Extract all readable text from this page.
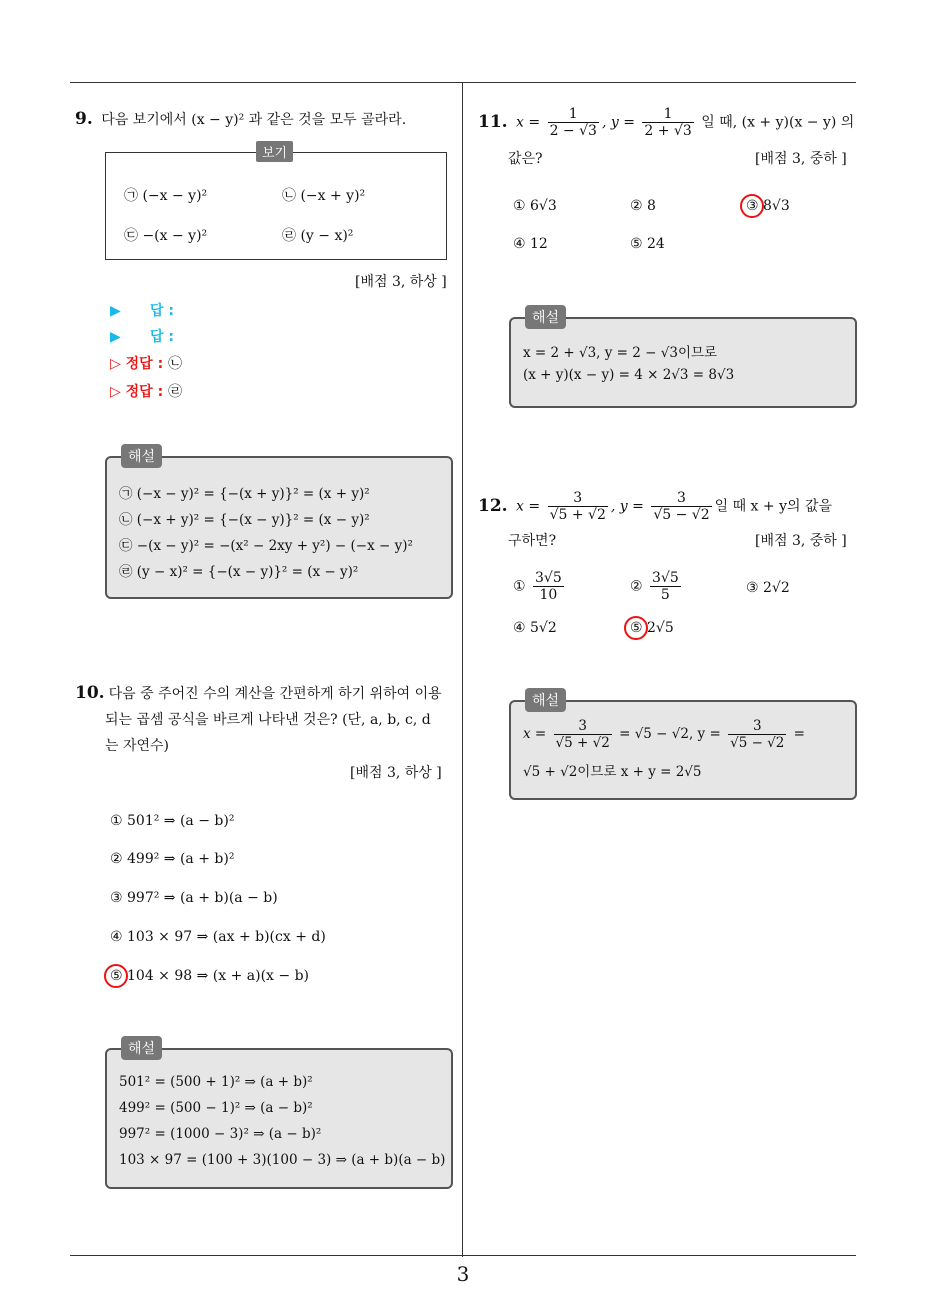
3
9. 다음 보기에서 (x − y)² 과 같은 것을 모두 골라라.
보기
㉠ (−x − y)²	㉡ (−x + y)²
㉢ −(x − y)²	㉣ (y − x)²
[배점 3, 하상 ]
▶ 답 :
▶ 답 :
▷ 정답 : ㉡
▷ 정답 : ㉣
해설
㉠ (−x − y)² = {−(x + y)}² = (x + y)²
㉡ (−x + y)² = {−(x − y)}² = (x − y)²
㉢ −(x − y)² = −(x² − 2xy + y²) − (−x − y)²
㉣ (y − x)² = {−(x − y)}² = (x − y)²
10. 다음 중 주어진 수의 계산을 간편하게 하기 위하여 이용
되는 곱셈 공식을 바르게 나타낸 것은? (단, a, b, c, d
는 자연수)
[배점 3, 하상 ]
① 501² ⇒ (a − b)²
② 499² ⇒ (a + b)²
③ 997² ⇒ (a + b)(a − b)
④ 103 × 97 ⇒ (ax + b)(cx + d)
⑤ 104 × 98 ⇒ (x + a)(x − b)
해설
501² = (500 + 1)² ⇒ (a + b)²
499² = (500 − 1)² ⇒ (a − b)²
997² = (1000 − 3)² ⇒ (a − b)²
103 × 97 = (100 + 3)(100 − 3) ⇒ (a + b)(a − b)
11. $x = \frac{1}{2 - √3}$ , $y = \frac{1}{2 + √3}$ 일 때, (x + y)(x − y) 의
값은?	[배점 3, 중하 ]
① 6√3	② 8	③ 8√3
④ 12	⑤ 24
해설
x = 2 + √3, y = 2 − √3이므로
(x + y)(x − y) = 4 × 2√3 = 8√3
12. $x = \frac{3}{√5 + √2}$ , $y = \frac{3}{√5 - √2}$ 일 때 x + y의 값을
구하면?	[배점 3, 중하 ]
① $\frac{3√5}{10}$	② $\frac{3√5}{5}$	③ 2√2
④ 5√2	⑤ 2√5
해설
$x = \frac{3}{√5 + √2} = √5 - √2$, $y = \frac{3}{√5 - √2}$ =
√5 + √2이므로 x + y = 2√5
